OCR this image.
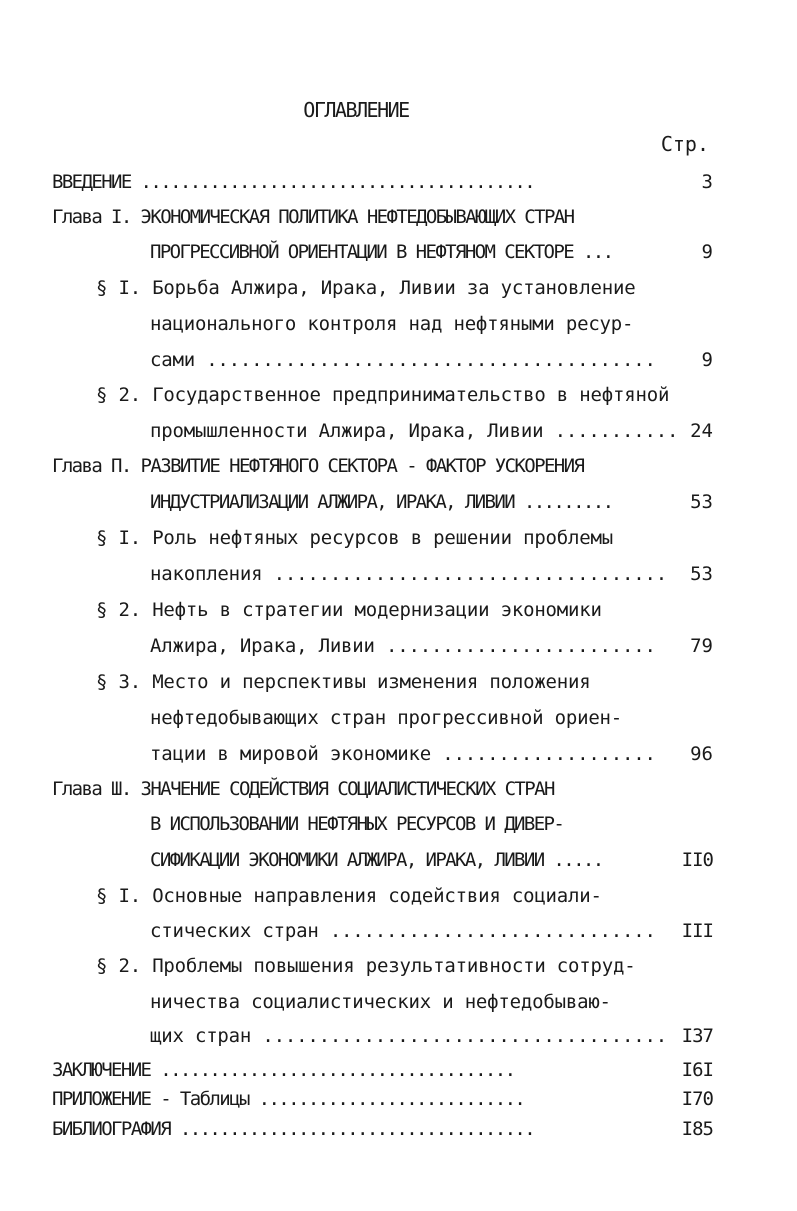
ОГЛАВЛЕНИЕ
Стр.
ВВЕДЕНИЕ ........................................	3
Глава I. ЭКОНОМИЧЕСКАЯ ПОЛИТИКА НЕФТЕДОБЫВАЮЩИХ СТРАН
ПРОГРЕССИВНОЙ ОРИЕНТАЦИИ В НЕФТЯНОМ СЕКТОРЕ ...	9
§ I. Борьба Алжира, Ирака, Ливии за установление
национального контроля над нефтяными ресур-
сами ........................................ 9
§ 2. Государственное предпринимательство в нефтяной
промышленности Алжира, Ирака, Ливии ........... 24
Глава П. РАЗВИТИЕ НЕФТЯНОГО СЕКТОРА - ФАКТОР УСКОРЕНИЯ
ИНДУСТРИАЛИЗАЦИИ АЛЖИРА, ИРАКА, ЛИВИИ .........	53
§ I. Роль нефтяных ресурсов в решении проблемы
накопления ................................... 53
§ 2. Нефть в стратегии модернизации экономики
Алжира, Ирака, Ливии ........................ 79
§ 3. Место и перспективы изменения положения
нефтедобывающих стран прогрессивной ориен-
тации в мировой экономике ................... 96
Глава Ш. ЗНАЧЕНИЕ СОДЕЙСТВИЯ СОЦИАЛИСТИЧЕСКИХ СТРАН
В ИСПОЛЬЗОВАНИИ НЕФТЯНЫХ РЕСУРСОВ И ДИВЕР-
СИФИКАЦИИ ЭКОНОМИКИ АЛЖИРА, ИРАКА, ЛИВИИ .....	II0
§ I. Основные направления содействия социали-
стических стран ............................. III
§ 2. Проблемы повышения результативности сотруд-
ничества социалистических и нефтедобываю-
щих стран .................................... I37
ЗАКЛЮЧЕНИЕ ....................................	I6I
ПРИЛОЖЕНИЕ - Таблицы ...........................	I70
БИБЛИОГРАФИЯ ....................................	I85
